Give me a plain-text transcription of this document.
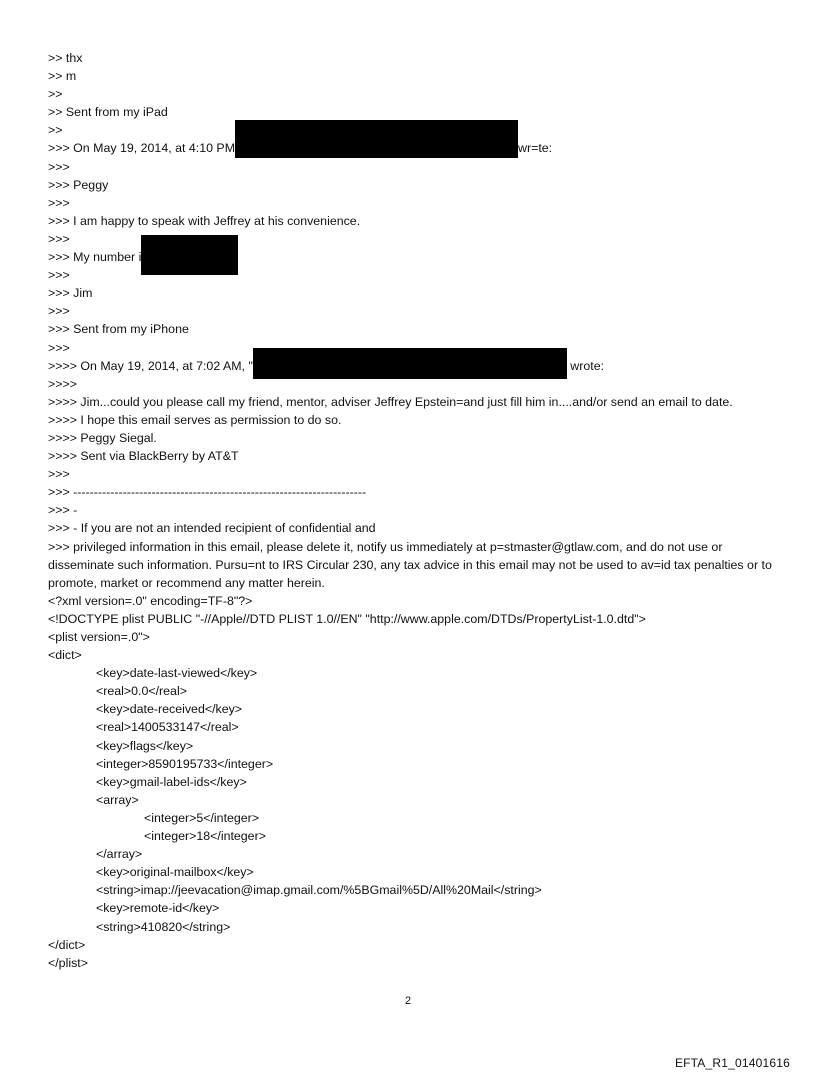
>> thx
>> m
>>
>> Sent from my iPad
>>
>>> On May 19, 2014, at 4:10 PM	wr=te:
>>>
>>> Peggy
>>>
>>> I am happy to speak with Jeffrey at his convenience.
>>>
>>> My number i
>>>
>>> Jim
>>>
>>> Sent from my iPhone
>>>
>>>> On May 19, 2014, at 7:02 AM, "	wrote:
>>>>
>>>> Jim...could you please call my friend, mentor, adviser Jeffrey Epstein=and just fill him in....and/or send an email to date.
>>>> I hope this email serves as permission to do so.
>>>> Peggy Siegal.
>>>> Sent via BlackBerry by AT&T
>>>
>>> -----------------------------------------------------------------------
>>> -
>>> - If you are not an intended recipient of confidential and
>>> privileged information in this email, please delete it, notify us immediately at p=stmaster@gtlaw.com, and do not use or disseminate such information. Pursu=nt to IRS Circular 230, any tax advice in this email may not be used to av=id tax penalties or to promote, market or recommend any matter herein.
<?xml version=.0" encoding=TF-8"?>
<!DOCTYPE plist PUBLIC "-//Apple//DTD PLIST 1.0//EN" "http://www.apple.com/DTDs/PropertyList-1.0.dtd">
<plist version=.0">
<dict>
<key>date-last-viewed</key>
<real>0.0</real>
<key>date-received</key>
<real>1400533147</real>
<key>flags</key>
<integer>8590195733</integer>
<key>gmail-label-ids</key>
<array>
<integer>5</integer>
<integer>18</integer>
</array>
<key>original-mailbox</key>
<string>imap://jeevacation@imap.gmail.com/%5BGmail%5D/All%20Mail</string>
<key>remote-id</key>
<string>410820</string>
</dict>
</plist>
2
EFTA_R1_01401616
